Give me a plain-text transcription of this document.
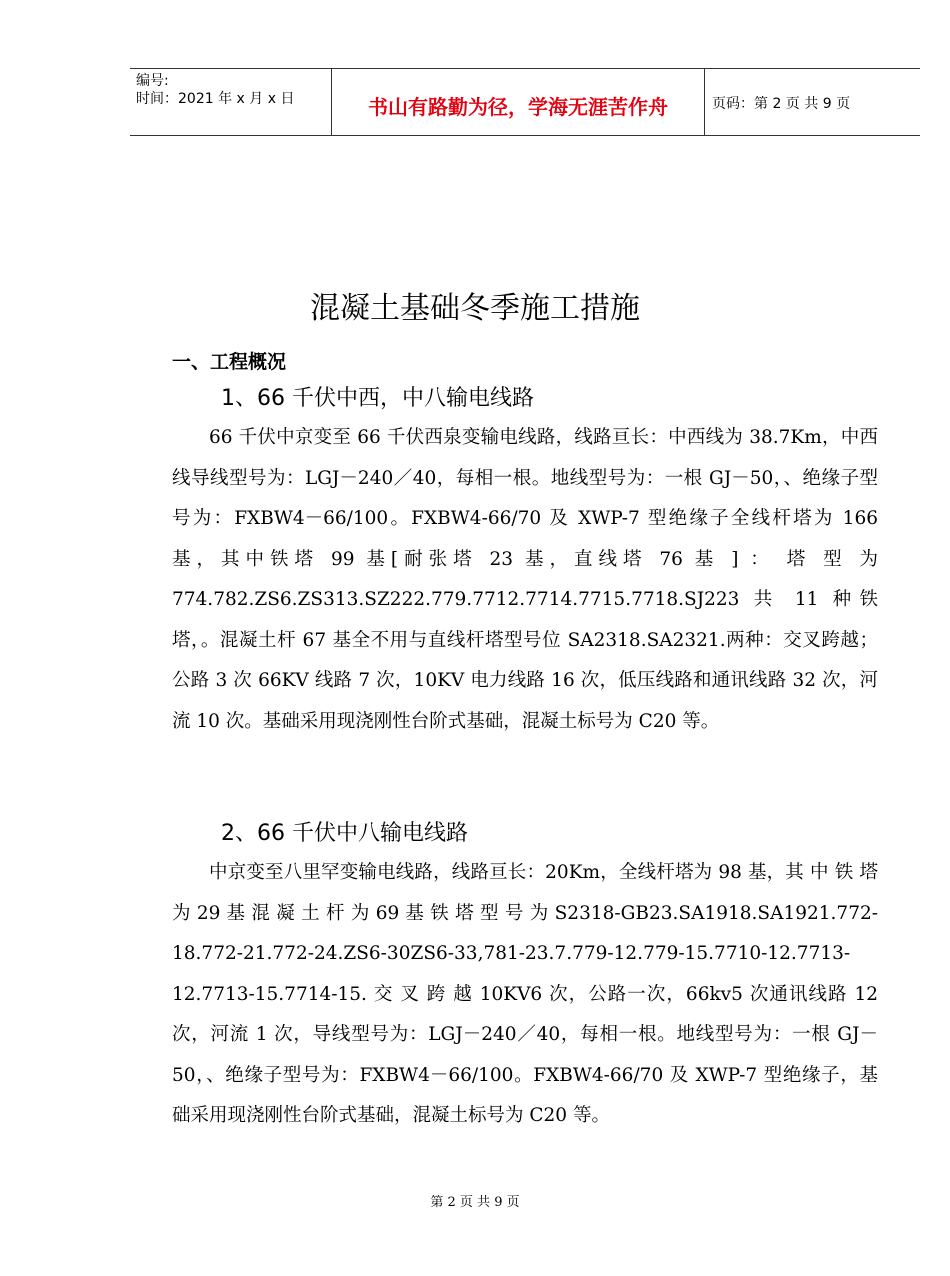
编号:
时间：2021 年 x 月 x 日	书山有路勤为径，学海无涯苦作舟	页码：第 2 页 共 9 页
混凝土基础冬季施工措施
一、工程概况
1、66 千伏中西，中八输电线路
66 千伏中京变至 66 千伏西泉变输电线路，线路亘长：中西线为 38.7Km，中西线导线型号为：LGJ－240／40，每相一根。地线型号为：一根 GJ－50，、绝缘子型号为：FXBW4－66/100。FXBW4-66/70 及 XWP-7 型绝缘子全线杆塔为 166 基，其中铁塔 99 基[耐张塔 23 基，直线塔 76 基 ] ： 塔 型 为 774.782.ZS6.ZS313.SZ222.779.7712.7714.7715.7718.SJ223 共 11 种铁塔，。混凝土杆 67 基全不用与直线杆塔型号位 SA2318.SA2321.两种：交叉跨越；公路 3 次 66KV 线路 7 次，10KV 电力线路 16 次，低压线路和通讯线路 32 次，河流 10 次。基础采用现浇刚性台阶式基础，混凝土标号为 C20 等。
2、66 千伏中八输电线路
中京变至八里罕变输电线路，线路亘长：20Km，全线杆塔为 98 基，其 中 铁 塔 为 29 基 混 凝 土 杆 为 69 基 铁 塔 型 号 为 S2318-GB23.SA1918.SA1921.772-18.772-21.772-24.ZS6-30ZS6-33,781-23.7.779-12.779-15.7710-12.7713-12.7713-15.7714-15. 交 叉 跨 越 10KV6 次，公路一次，66kv5 次通讯线路 12 次，河流 1 次，导线型号为：LGJ－240／40，每相一根。地线型号为：一根 GJ－50，、绝缘子型号为：FXBW4－66/100。FXBW4-66/70 及 XWP-7 型绝缘子，基础采用现浇刚性台阶式基础，混凝土标号为 C20 等。
第 2 页 共 9 页
